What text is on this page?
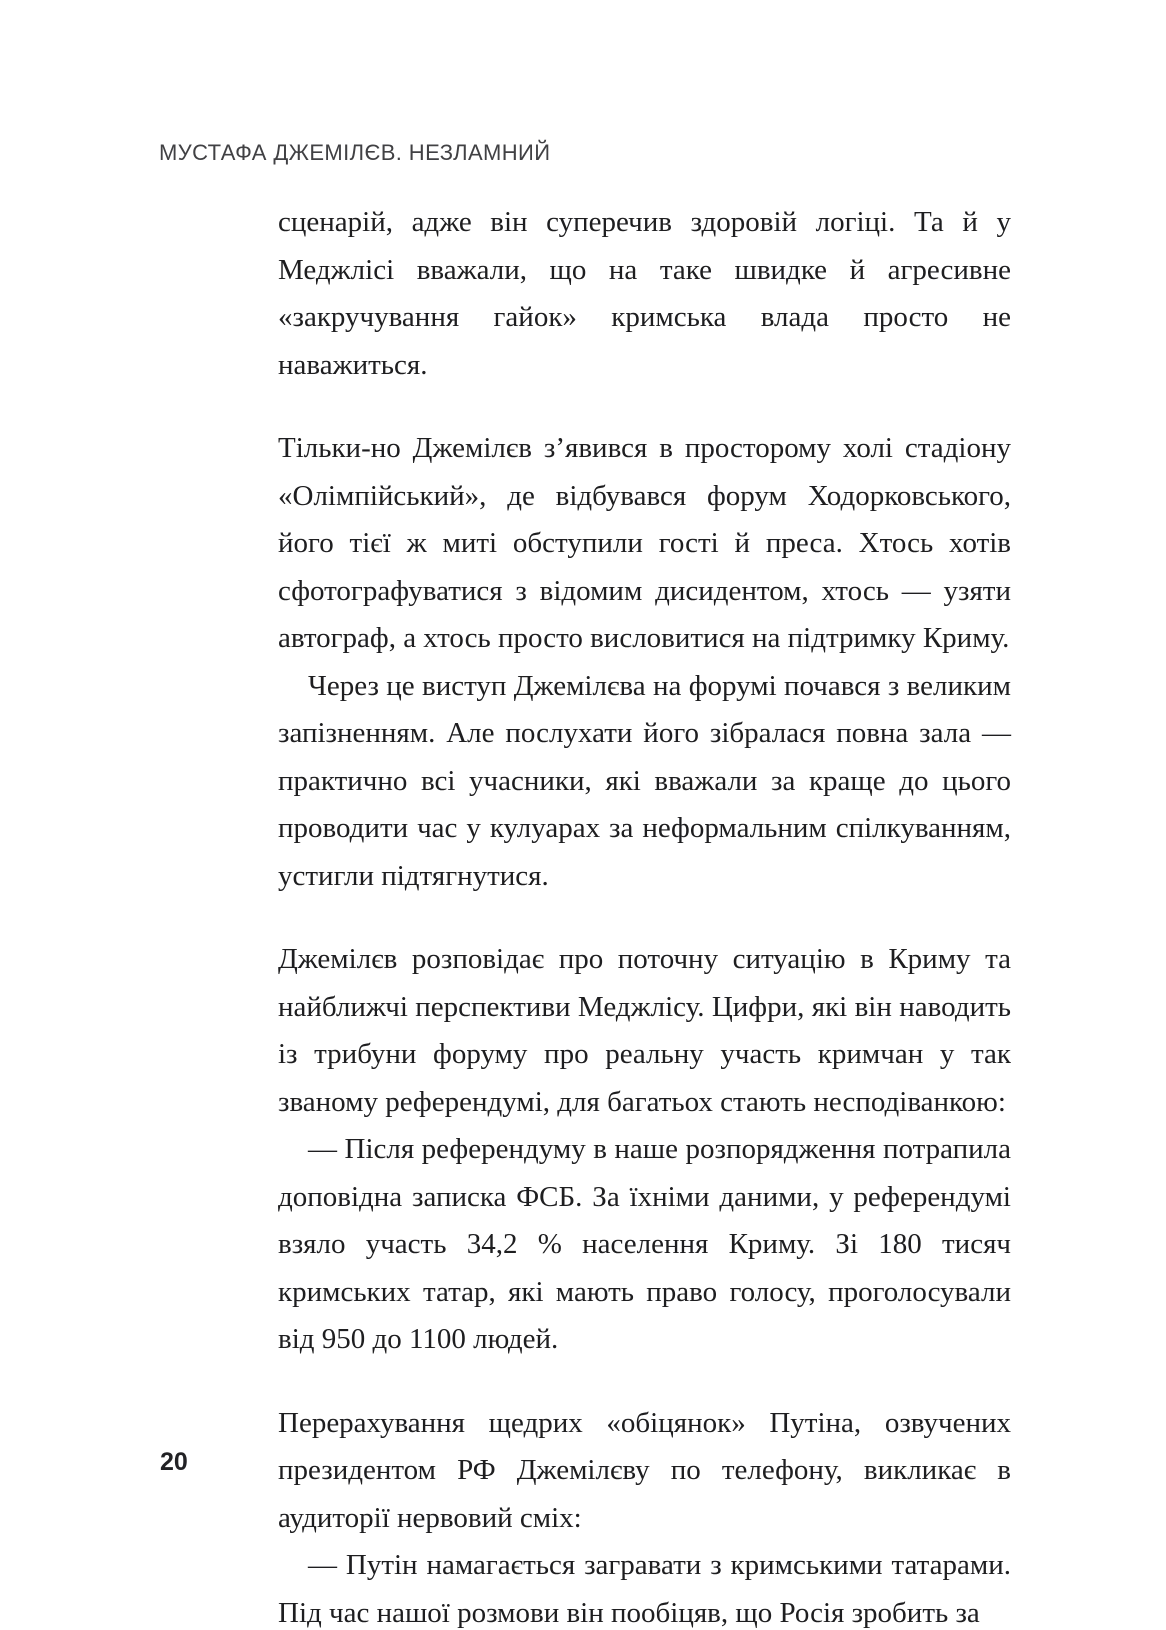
МУСТАФА ДЖЕМІЛЄВ. НЕЗЛАМНИЙ

сценарій, адже він суперечив здоровій логіці. Та й у Меджлісі вважали, що на таке швидке й агресивне «закручування гайок» кримська влада просто не наважиться.

Тільки-но Джемілєв з’явився в просторому холі стадіону «Олімпійський», де відбувався форум Ходорковського, його тієї ж миті обступили гості й преса. Хтось хотів сфотографуватися з відомим дисидентом, хтось — узяти автограф, а хтось просто висловитися на підтримку Криму.

Через це виступ Джемілєва на форумі почався з великим запізненням. Але послухати його зібралася повна зала — практично всі учасники, які вважали за краще до цього проводити час у кулуарах за неформальним спілкуванням, устигли підтягнутися.

Джемілєв розповідає про поточну ситуацію в Криму та найближчі перспективи Меджлісу. Цифри, які він наводить із трибуни форуму про реальну участь кримчан у так званому референдумі, для багатьох стають несподіванкою:

— Після референдуму в наше розпорядження потрапила доповідна записка ФСБ. За їхніми даними, у референдумі взяло участь 34,2 % населення Криму. Зі 180 тисяч кримських татар, які мають право голосу, проголосували від 950 до 1100 людей.

Перерахування щедрих «обіцянок» Путіна, озвучених президентом РФ Джемілєву по телефону, викликає в аудиторії нервовий сміх:

— Путін намагається загравати з кримськими татарами. Під час нашої розмови він пообіцяв, що Росія зробить за

20
